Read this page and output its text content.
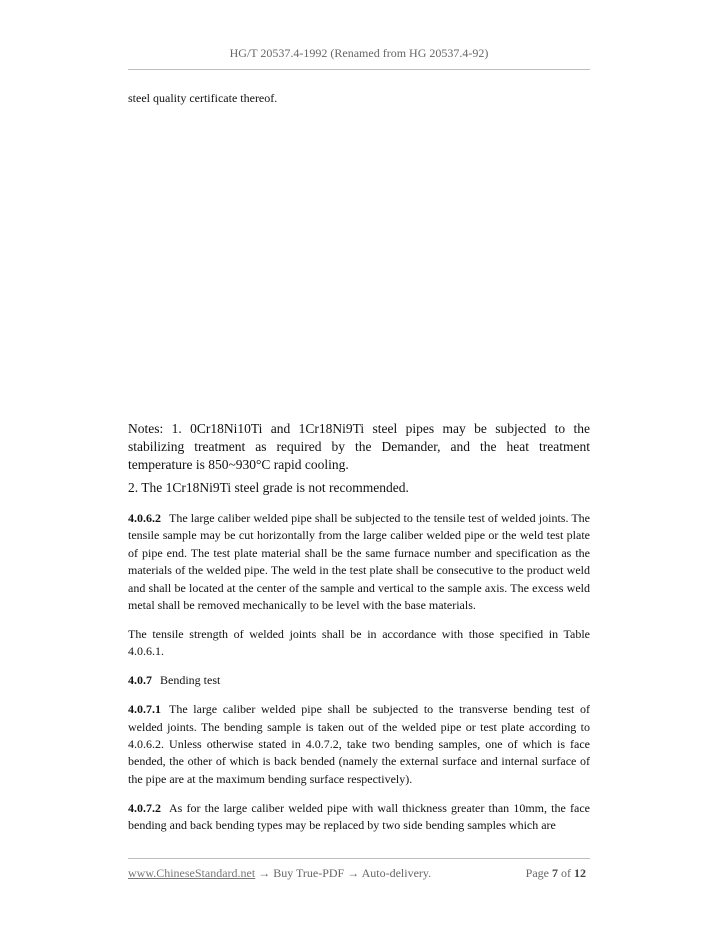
HG/T 20537.4-1992 (Renamed from HG 20537.4-92)

steel quality certificate thereof.

Notes: 1. 0Cr18Ni10Ti and 1Cr18Ni9Ti steel pipes may be subjected to the stabilizing treatment as required by the Demander, and the heat treatment temperature is 850~930°C rapid cooling.

2. The 1Cr18Ni9Ti steel grade is not recommended.

4.0.6.2 The large caliber welded pipe shall be subjected to the tensile test of welded joints. The tensile sample may be cut horizontally from the large caliber welded pipe or the weld test plate of pipe end. The test plate material shall be the same furnace number and specification as the materials of the welded pipe. The weld in the test plate shall be consecutive to the product weld and shall be located at the center of the sample and vertical to the sample axis. The excess weld metal shall be removed mechanically to be level with the base materials.

The tensile strength of welded joints shall be in accordance with those specified in Table 4.0.6.1.

4.0.7 Bending test

4.0.7.1 The large caliber welded pipe shall be subjected to the transverse bending test of welded joints. The bending sample is taken out of the welded pipe or test plate according to 4.0.6.2. Unless otherwise stated in 4.0.7.2, take two bending samples, one of which is face bended, the other of which is back bended (namely the external surface and internal surface of the pipe are at the maximum bending surface respectively).

4.0.7.2 As for the large caliber welded pipe with wall thickness greater than 10mm, the face bending and back bending types may be replaced by two side bending samples which are

www.ChineseStandard.net → Buy True-PDF → Auto-delivery.	Page 7 of 12
